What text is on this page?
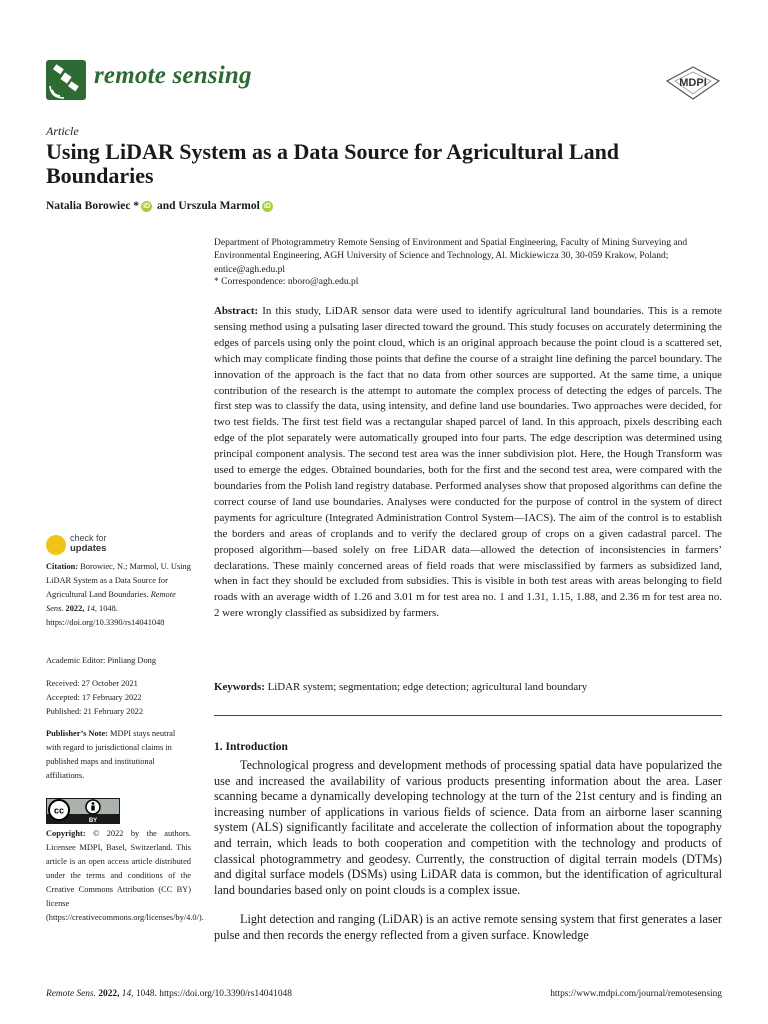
remote sensing	MDPI
Article
Using LiDAR System as a Data Source for Agricultural Land Boundaries
Natalia Borowiec * iD and Urszula Marmol iD
Department of Photogrammetry Remote Sensing of Environment and Spatial Engineering, Faculty of Mining Surveying and Environmental Engineering, AGH University of Science and Technology, Al. Mickiewicza 30, 30-059 Krakow, Poland; entice@agh.edu.pl
* Correspondence: nboro@agh.edu.pl
Abstract: In this study, LiDAR sensor data were used to identify agricultural land boundaries. This is a remote sensing method using a pulsating laser directed toward the ground. This study focuses on accurately determining the edges of parcels using only the point cloud, which is an original approach because the point cloud is a scattered set, which may complicate finding those points that define the course of a straight line defining the parcel boundary. The innovation of the approach is the fact that no data from other sources are supported. At the same time, a unique contribution of the research is the attempt to automate the complex process of detecting the edges of parcels. The first step was to classify the data, using intensity, and define land use boundaries. Two approaches were decided, for two test fields. The first test field was a rectangular shaped parcel of land. In this approach, pixels describing each edge of the plot separately were automatically grouped into four parts. The edge description was determined using principal component analysis. The second test area was the inner subdivision plot. Here, the Hough Transform was used to emerge the edges. Obtained boundaries, both for the first and the second test area, were compared with the boundaries from the Polish land registry database. Performed analyses show that proposed algorithms can define the correct course of land use boundaries. Analyses were conducted for the purpose of control in the system of direct payments for agriculture (Integrated Administration Control System—IACS). The aim of the control is to establish the borders and areas of croplands and to verify the declared group of crops on a given cadastral parcel. The proposed algorithm—based solely on free LiDAR data—allowed the detection of inconsistencies in farmers’ declarations. These mainly concerned areas of field roads that were misclassified by farmers as subsidized land, when in fact they should be excluded from subsidies. This is visible in both test areas with areas belonging to field roads with an average width of 1.26 and 3.01 m for test area no. 1 and 1.31, 1.15, 1.88, and 2.36 m for test area no. 2 were wrongly classified as subsidized by farmers.
Keywords: LiDAR system; segmentation; edge detection; agricultural land boundary
1. Introduction
Technological progress and development methods of processing spatial data have popularized the use and increased the availability of various products presenting information about the area. Laser scanning became a dynamically developing technology at the turn of the 21st century and is finding an increasing number of applications in various fields of science. Data from an airborne laser scanning system (ALS) significantly facilitate and accelerate the collection of information about the topography and terrain, which leads to both cooperation and competition with the technology and products of classical photogrammetry and geodesy. Currently, the construction of digital terrain models (DTMs) and digital surface models (DSMs) using LiDAR data is common, but the identification of agricultural land boundaries based only on point clouds is a complex issue.
Light detection and ranging (LiDAR) is an active remote sensing system that first generates a laser pulse and then records the energy reflected from a given surface. Knowledge
check for
updates
Citation: Borowiec, N.; Marmol, U. Using LiDAR System as a Data Source for Agricultural Land Boundaries. Remote Sens. 2022, 14, 1048. https://doi.org/10.3390/rs14041048
Academic Editor: Pinliang Dong
Received: 27 October 2021
Accepted: 17 February 2022
Published: 21 February 2022
Publisher’s Note: MDPI stays neutral with regard to jurisdictional claims in published maps and institutional affiliations.
cc
BY
Copyright: © 2022 by the authors. Licensee MDPI, Basel, Switzerland. This article is an open access article distributed under the terms and conditions of the Creative Commons Attribution (CC BY) license (https://creativecommons.org/licenses/by/4.0/).
Remote Sens. 2022, 14, 1048. https://doi.org/10.3390/rs14041048	https://www.mdpi.com/journal/remotesensing
